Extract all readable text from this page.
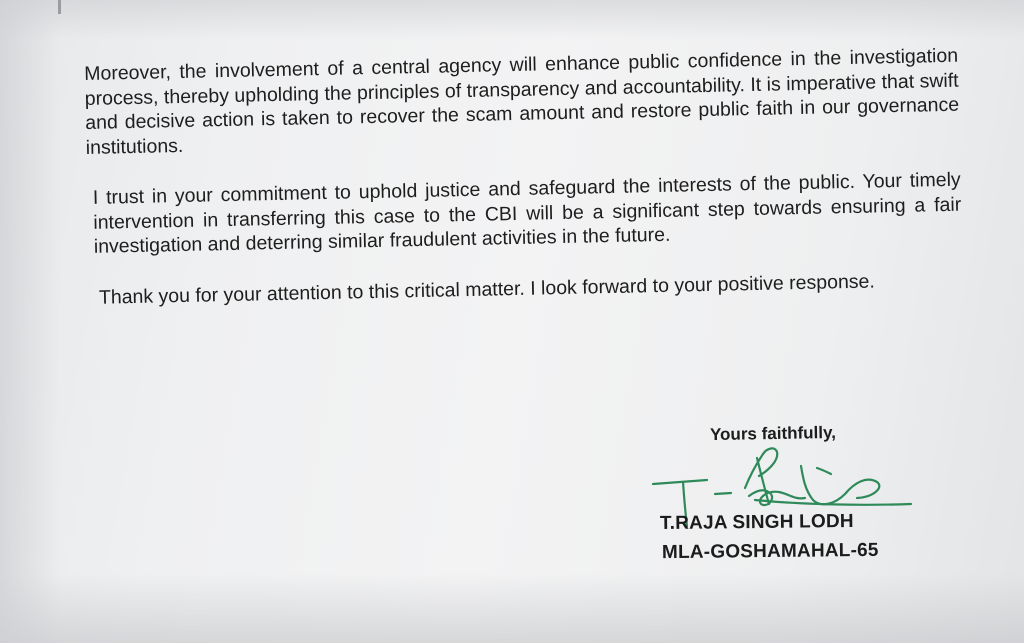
Moreover, the involvement of a central agency will enhance public confidence in the investigation process, thereby upholding the principles of transparency and accountability. It is imperative that swift and decisive action is taken to recover the scam amount and restore public faith in our governance institutions.

I trust in your commitment to uphold justice and safeguard the interests of the public. Your timely intervention in transferring this case to the CBI will be a significant step towards ensuring a fair investigation and deterring similar fraudulent activities in the future.

Thank you for your attention to this critical matter. I look forward to your positive response.

Yours faithfully,
T.RAJA SINGH LODH
MLA-GOSHAMAHAL-65
